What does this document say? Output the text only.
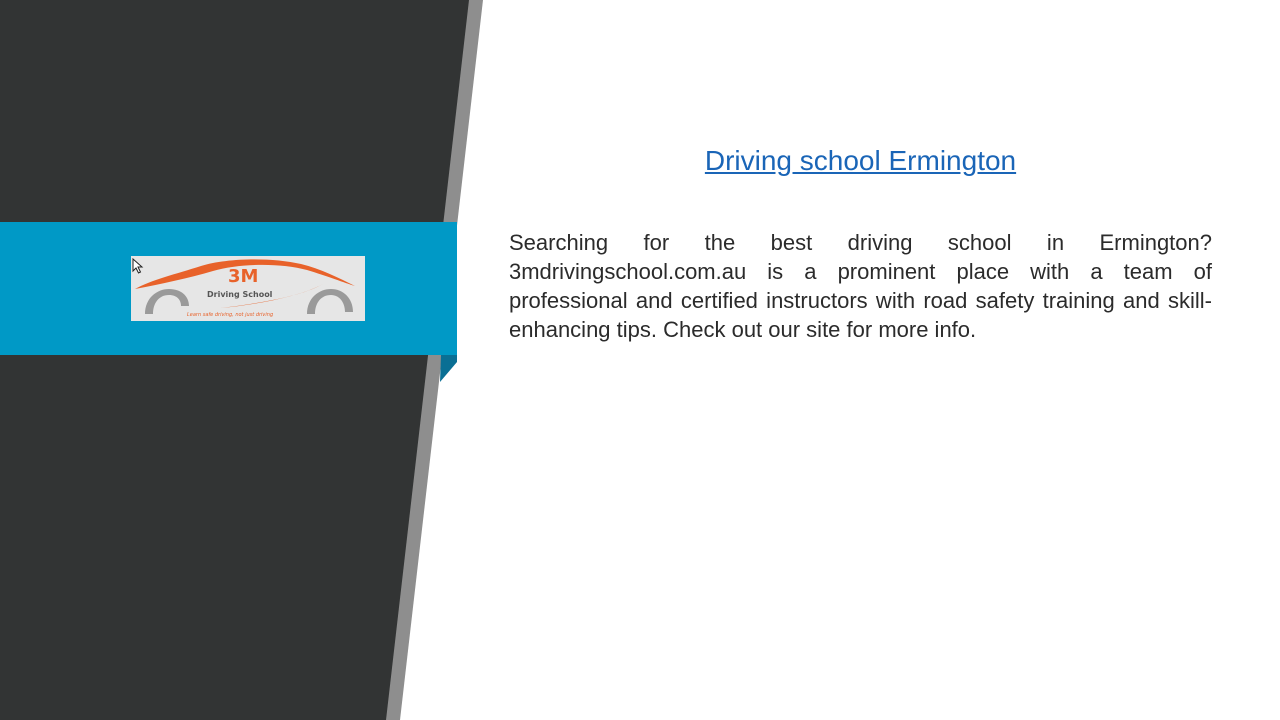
3M
Driving School
Learn safe driving, not just driving
Driving school Ermington

Searching for the best driving school in Ermington? 3mdrivingschool.com.au is a prominent place with a team of professional and certified instructors with road safety training and skill-enhancing tips. Check out our site for more info.
